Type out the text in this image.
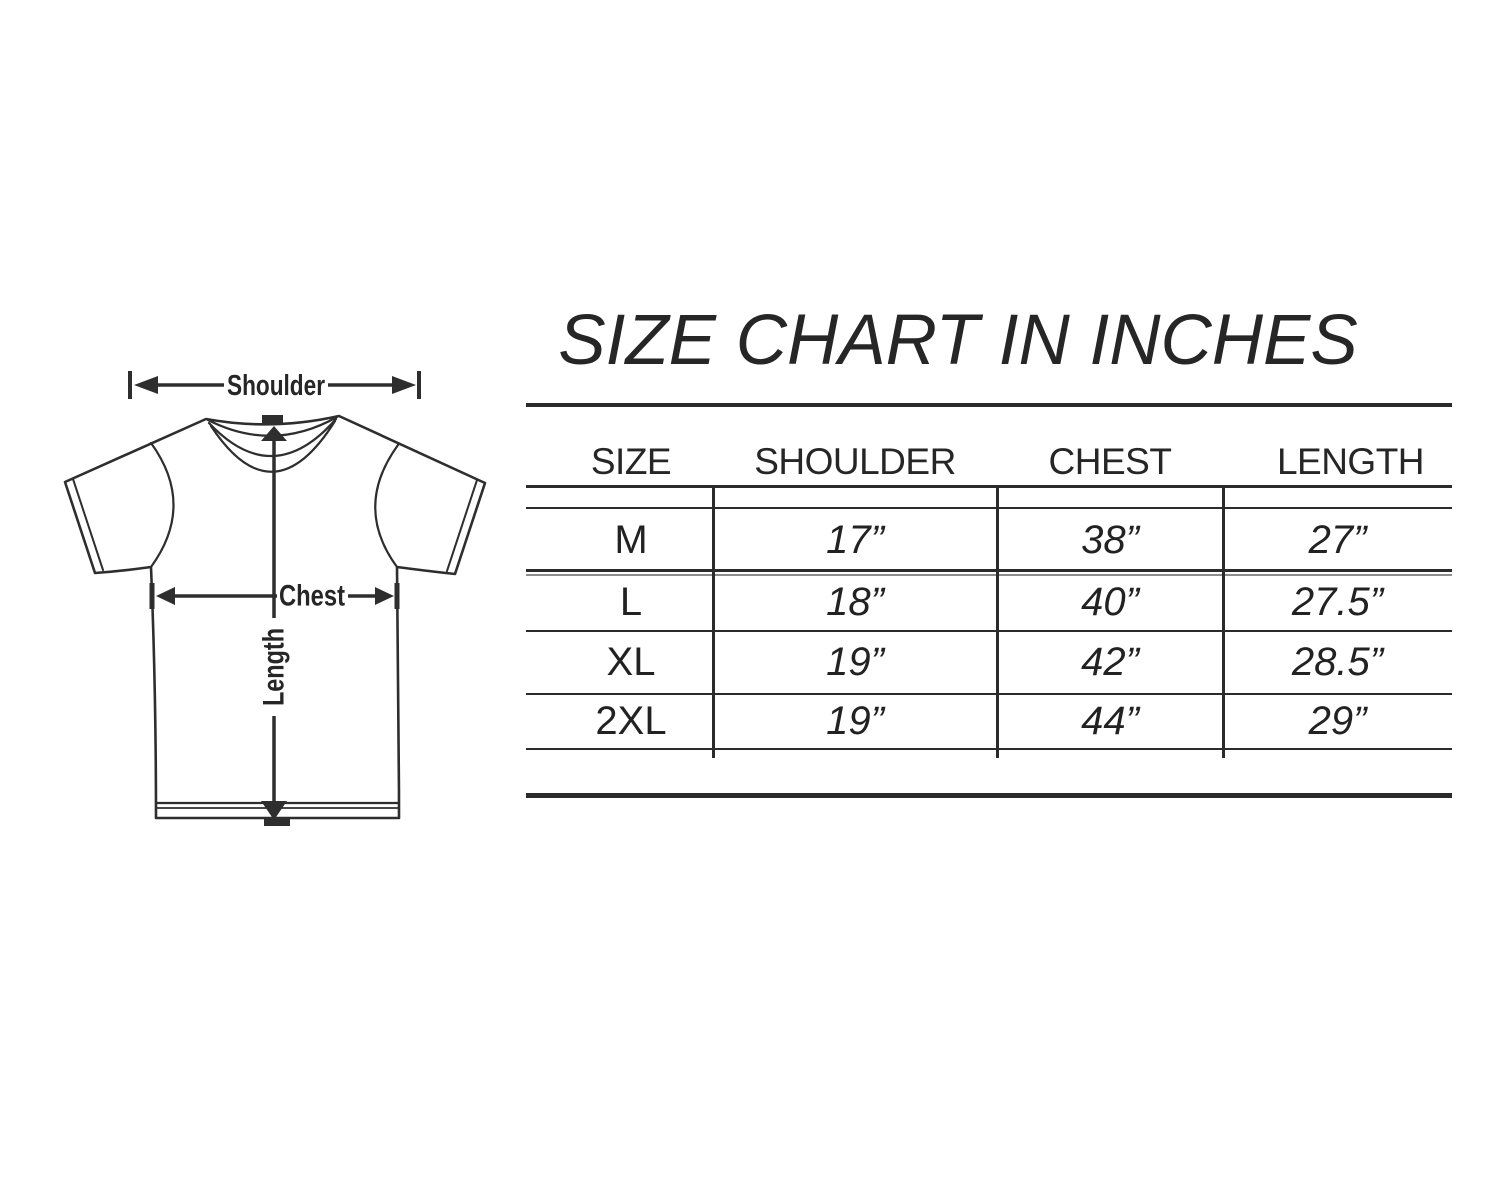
SIZE CHART IN INCHES
Shoulder
Chest
Length
SIZE	SHOULDER	CHEST	LENGTH
M	17”	38”	27”
L	18”	40”	27.5”
XL	19”	42”	28.5”
2XL	19”	44”	29”
